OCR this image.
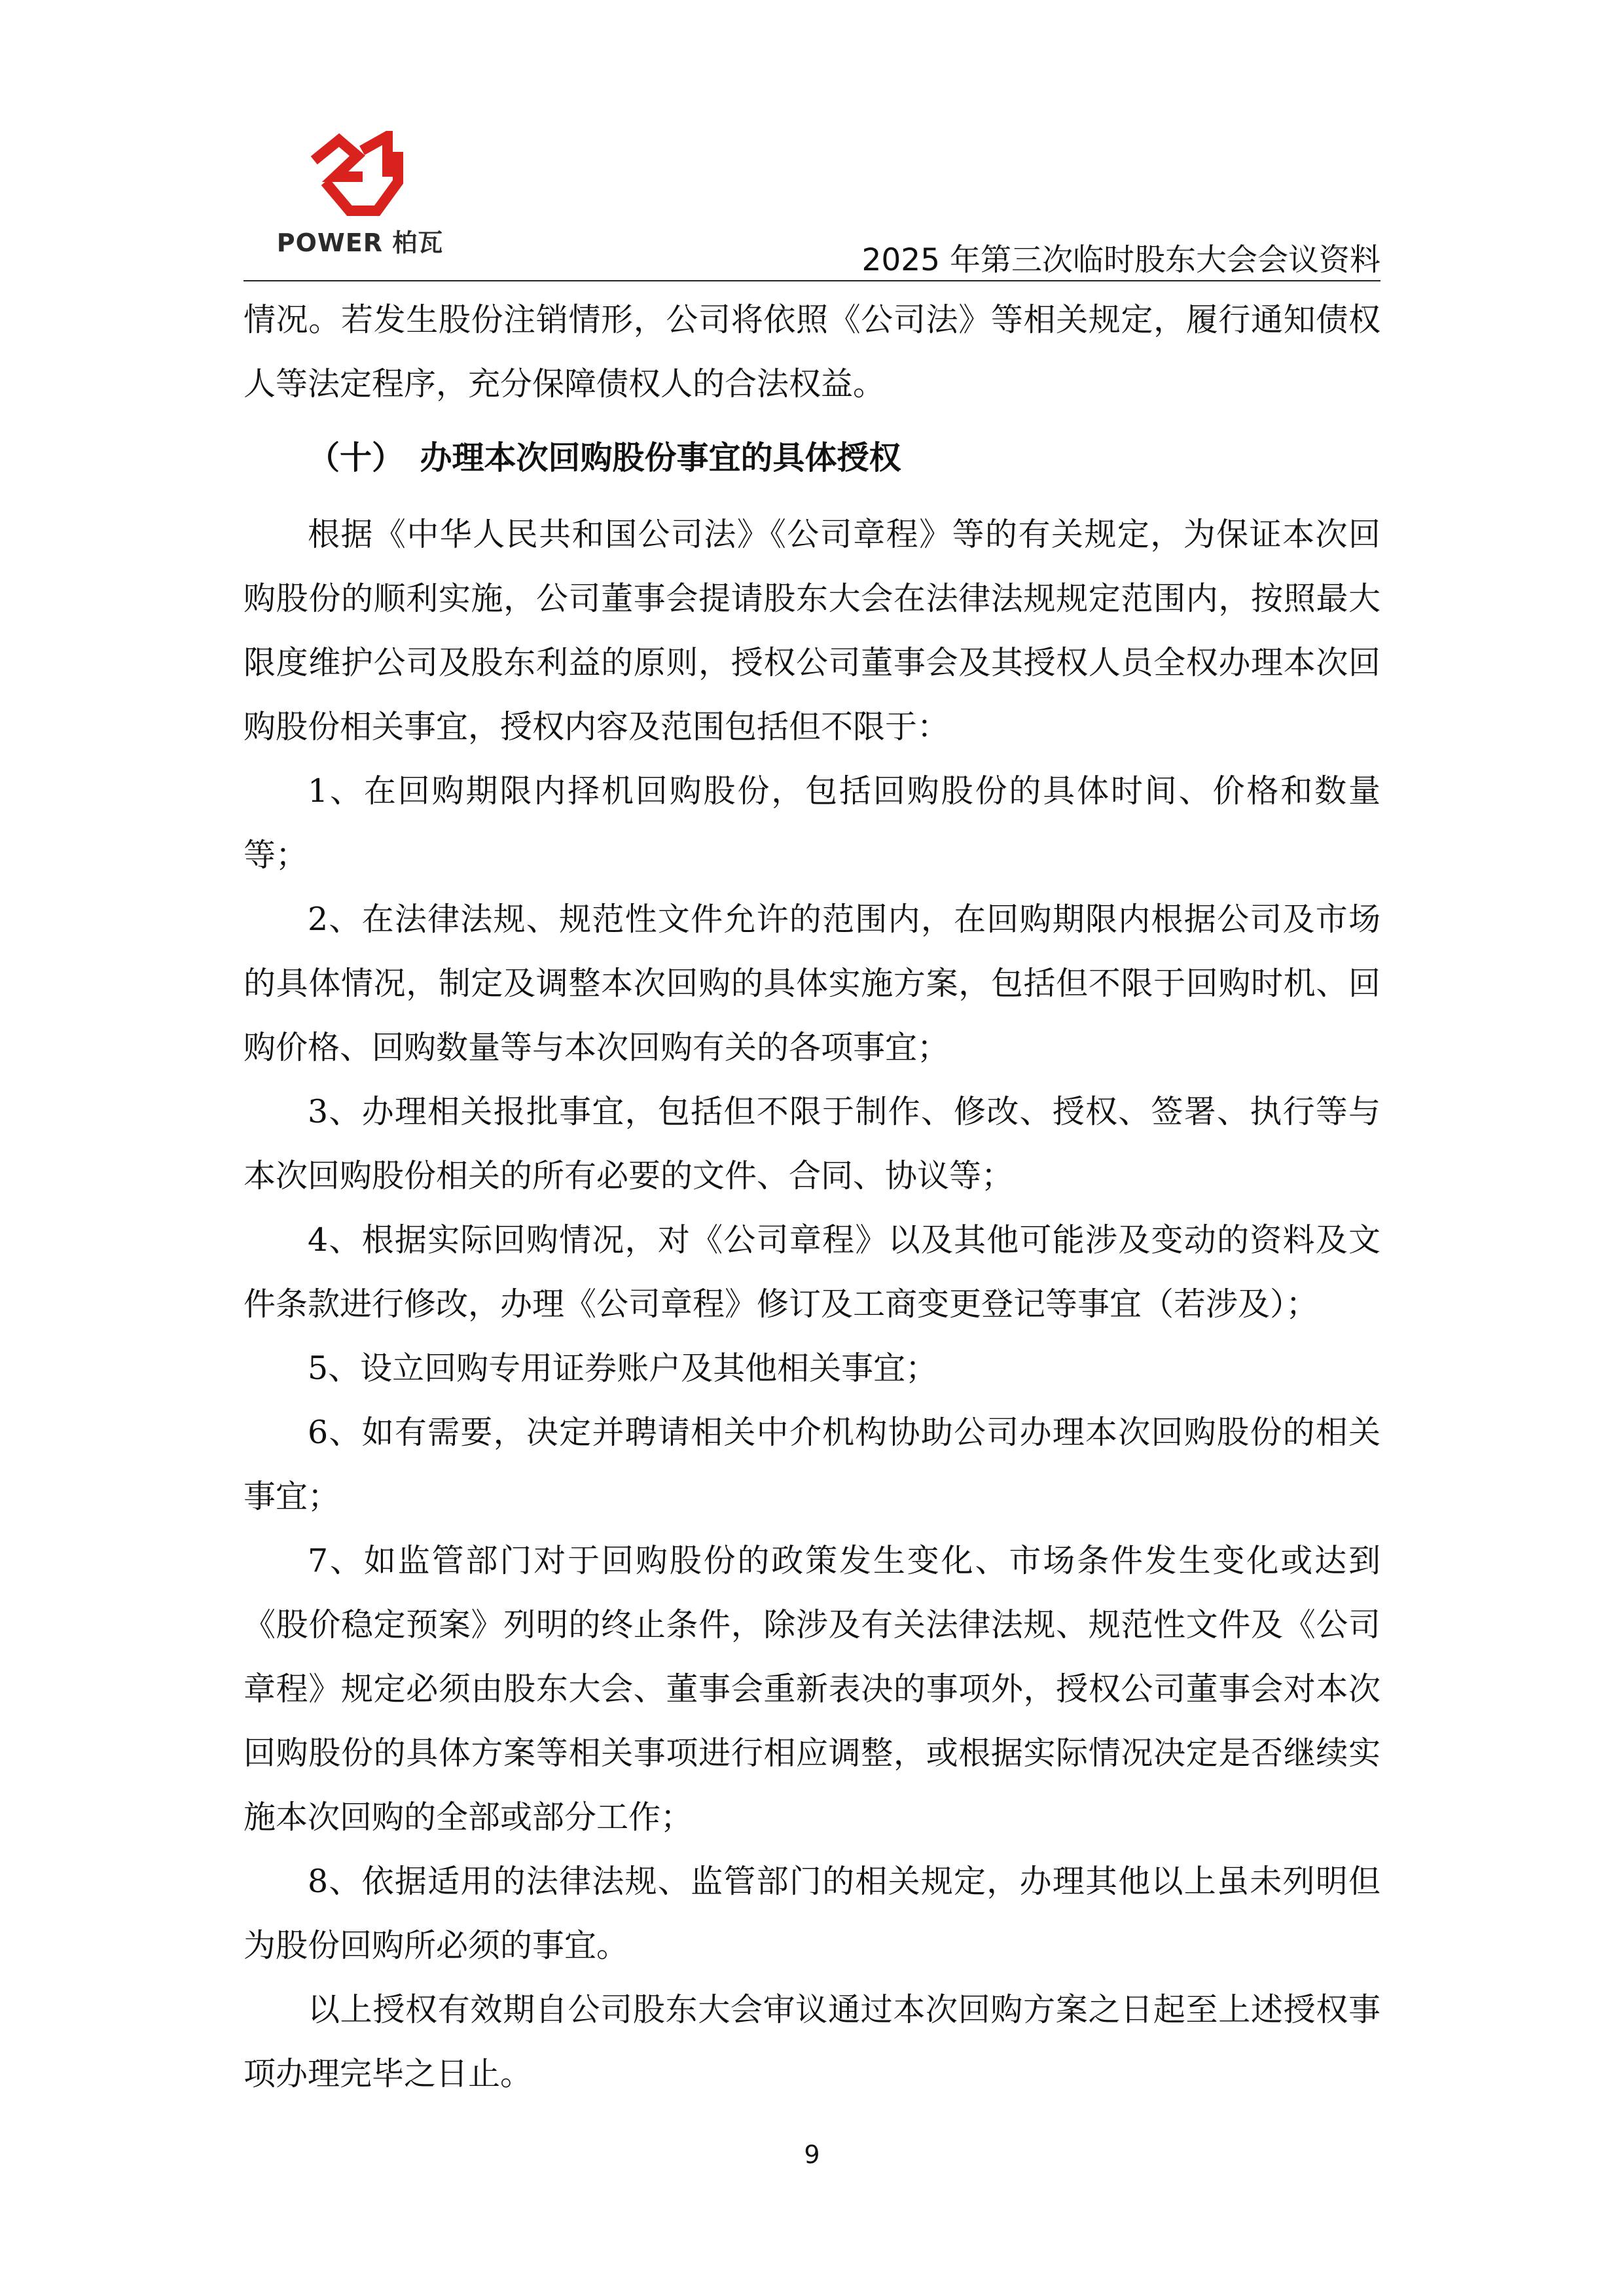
POWER 柏瓦	2025 年第三次临时股东大会会议资料

情况。若发生股份注销情形，公司将依照《公司法》等相关规定，履行通知债权人等法定程序，充分保障债权人的合法权益。

（十）　办理本次回购股份事宜的具体授权

根据《中华人民共和国公司法》《公司章程》等的有关规定，为保证本次回购股份的顺利实施，公司董事会提请股东大会在法律法规规定范围内，按照最大限度维护公司及股东利益的原则，授权公司董事会及其授权人员全权办理本次回购股份相关事宜，授权内容及范围包括但不限于：

1、在回购期限内择机回购股份，包括回购股份的具体时间、价格和数量等；

2、在法律法规、规范性文件允许的范围内，在回购期限内根据公司及市场的具体情况，制定及调整本次回购的具体实施方案，包括但不限于回购时机、回购价格、回购数量等与本次回购有关的各项事宜；

3、办理相关报批事宜，包括但不限于制作、修改、授权、签署、执行等与本次回购股份相关的所有必要的文件、合同、协议等；

4、根据实际回购情况，对《公司章程》以及其他可能涉及变动的资料及文件条款进行修改，办理《公司章程》修订及工商变更登记等事宜（若涉及）；

5、设立回购专用证券账户及其他相关事宜；

6、如有需要，决定并聘请相关中介机构协助公司办理本次回购股份的相关事宜；

7、如监管部门对于回购股份的政策发生变化、市场条件发生变化或达到《股价稳定预案》列明的终止条件，除涉及有关法律法规、规范性文件及《公司章程》规定必须由股东大会、董事会重新表决的事项外，授权公司董事会对本次回购股份的具体方案等相关事项进行相应调整，或根据实际情况决定是否继续实施本次回购的全部或部分工作；

8、依据适用的法律法规、监管部门的相关规定，办理其他以上虽未列明但为股份回购所必须的事宜。

以上授权有效期自公司股东大会审议通过本次回购方案之日起至上述授权事项办理完毕之日止。

9
